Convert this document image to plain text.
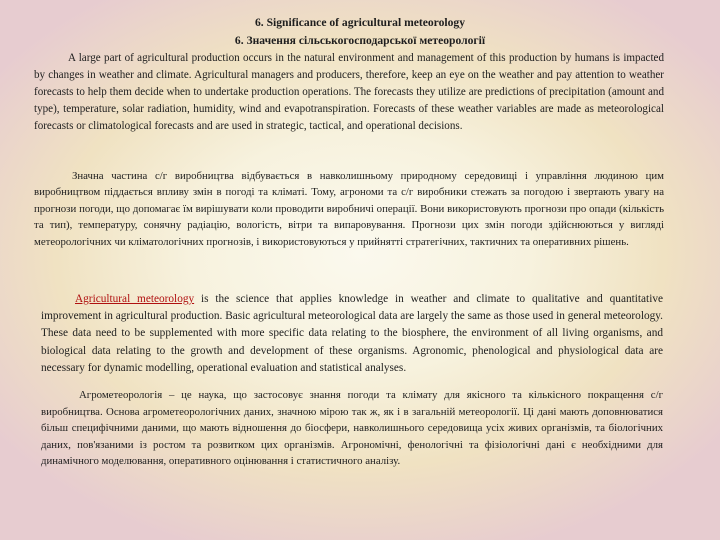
6. Significance of agricultural meteorology
6. Значення сільськогосподарської метеорології

A large part of agricultural production occurs in the natural environment and management of this production by humans is impacted by changes in weather and climate. Agricultural managers and producers, therefore, keep an eye on the weather and pay attention to weather forecasts to help them decide when to undertake production operations. The forecasts they utilize are predictions of precipitation (amount and type), temperature, solar radiation, humidity, wind and evapotranspiration. Forecasts of these weather variables are made as meteorological forecasts or climatological forecasts and are used in strategic, tactical, and operational decisions.

Значна частина с/г виробництва відбувається в навколишньому природному середовищі і управління людиною цим виробництвом піддається впливу змін в погоді та кліматі. Тому, агрономи та с/г виробники стежать за погодою і звертають увагу на прогнози погоди, що допомагає їм вирішувати коли проводити виробничі операції. Вони використовують прогнози про опади (кількість та тип), температуру, сонячну радіацію, вологість, вітри та випаровування. Прогнози цих змін погоди здійснюються у вигляді метеорологічних чи кліматологічних прогнозів, і використовуються у прийнятті стратегічних, тактичних та оперативних рішень.

Agricultural meteorology is the science that applies knowledge in weather and climate to qualitative and quantitative improvement in agricultural production. Basic agricultural meteorological data are largely the same as those used in general meteorology. These data need to be supplemented with more specific data relating to the biosphere, the environment of all living organisms, and biological data relating to the growth and development of these organisms. Agronomic, phenological and physiological data are necessary for dynamic modelling, operational evaluation and statistical analyses.

Агрометеорологія – це наука, що застосовує знання погоди та клімату для якісного та кількісного покращення с/г виробництва. Основа агрометеорологічних даних, значною мірою так ж, як і в загальній метеорології. Ці дані мають доповнюватися більш специфічними даними, що мають відношення до біосфери, навколишнього середовища усіх живих організмів, та біологічних даних, пов'язаними із ростом та розвитком цих організмів. Агрономічні, фенологічні та фізіологічні дані є необхідними для динамічного моделювання, оперативного оцінювання і статистичного аналізу.
